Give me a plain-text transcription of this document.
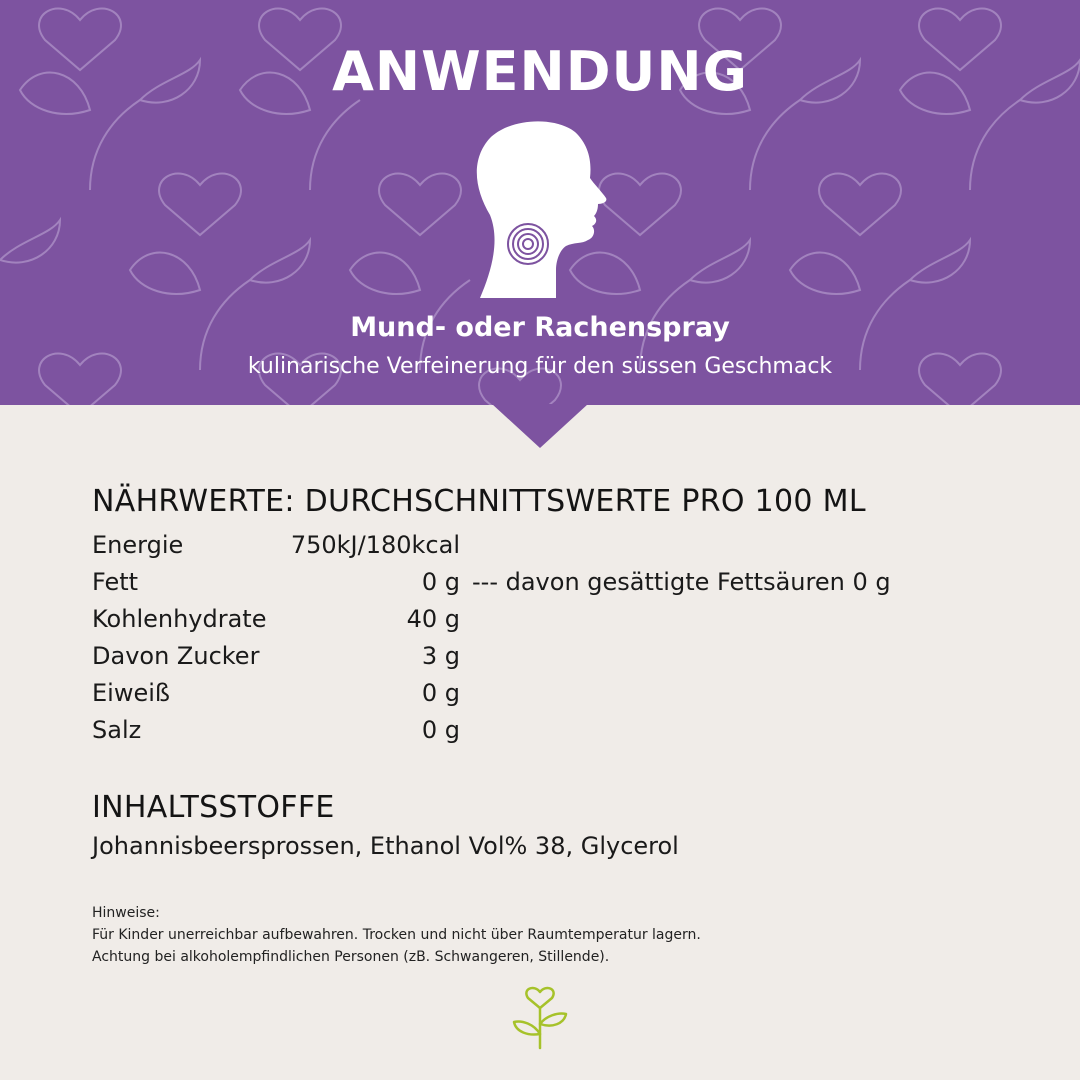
ANWENDUNG
Mund- oder Rachenspray
kulinarische Verfeinerung für den süssen Geschmack
NÄHRWERTE: DURCHSCHNITTSWERTE PRO 100 ML
Energie	750kJ/180kcal
Fett	0 g --- davon gesättigte Fettsäuren 0 g
Kohlenhydrate	40 g
Davon Zucker	3 g
Eiweiß	0 g
Salz	0 g
INHALTSSTOFFE
Johannisbeersprossen, Ethanol Vol% 38, Glycerol
Hinweise:
Für Kinder unerreichbar aufbewahren. Trocken und nicht über Raumtemperatur lagern.
Achtung bei alkoholempfindlichen Personen (zB. Schwangeren, Stillende).
